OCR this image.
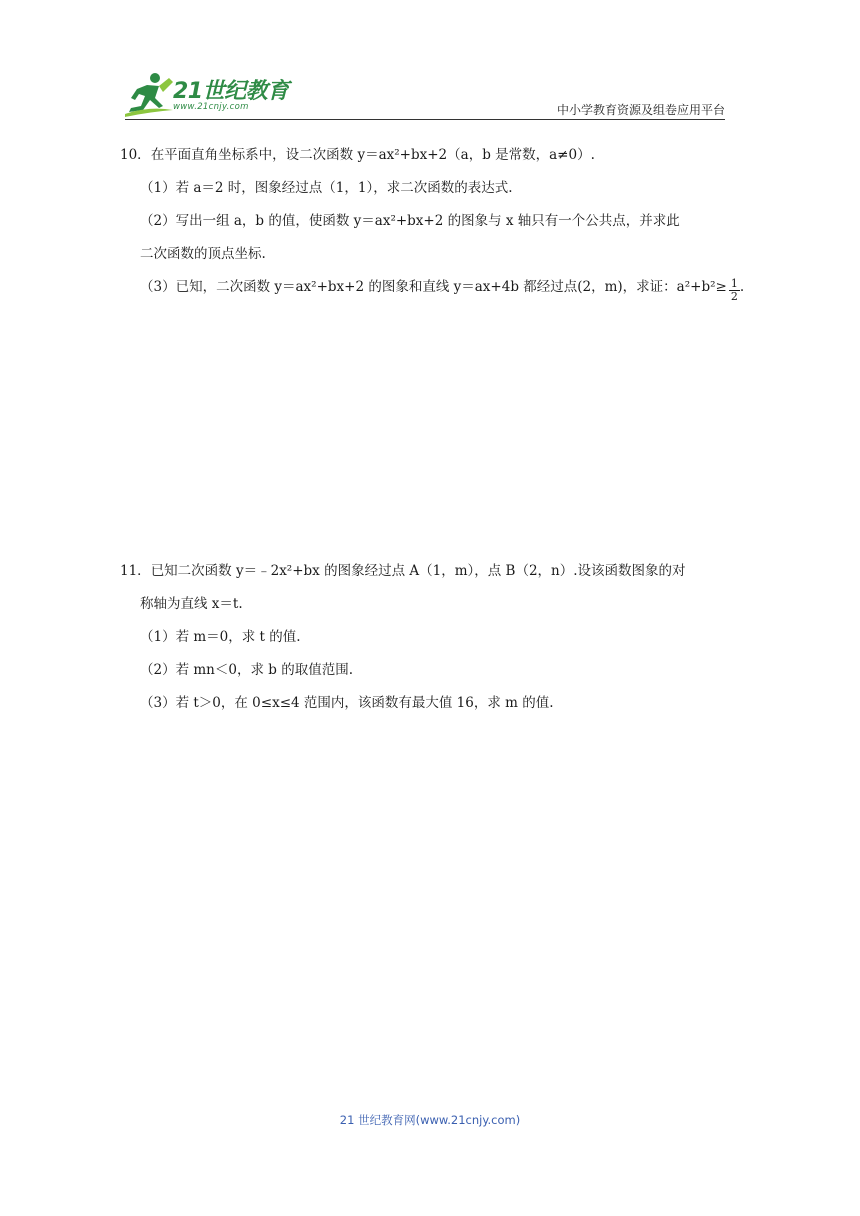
21世纪教育
www.21cnjy.com	中小学教育资源及组卷应用平台

10．在平面直角坐标系中，设二次函数 y＝ax²+bx+2（a，b 是常数，a≠0）.

（1）若 a＝2 时，图象经过点（1，1），求二次函数的表达式.

（2）写出一组 a，b 的值，使函数 y＝ax²+bx+2 的图象与 x 轴只有一个公共点，并求此

二次函数的顶点坐标.

（3）已知，二次函数 y＝ax²+bx+2 的图象和直线 y＝ax+4b 都经过点(2，m)，求证：$a^2+b^2\ge \frac{1}{2}$ .

11．已知二次函数 y＝﹣2x²+bx 的图象经过点 A（1，m），点 B（2，n）.设该函数图象的对

称轴为直线 x＝t.

（1）若 m＝0，求 t 的值.

（2）若 mn＜0，求 b 的取值范围.

（3）若 t＞0，在 0≤x≤4 范围内，该函数有最大值 16，求 m 的值.

21 世纪教育网(www.21cnjy.com)
